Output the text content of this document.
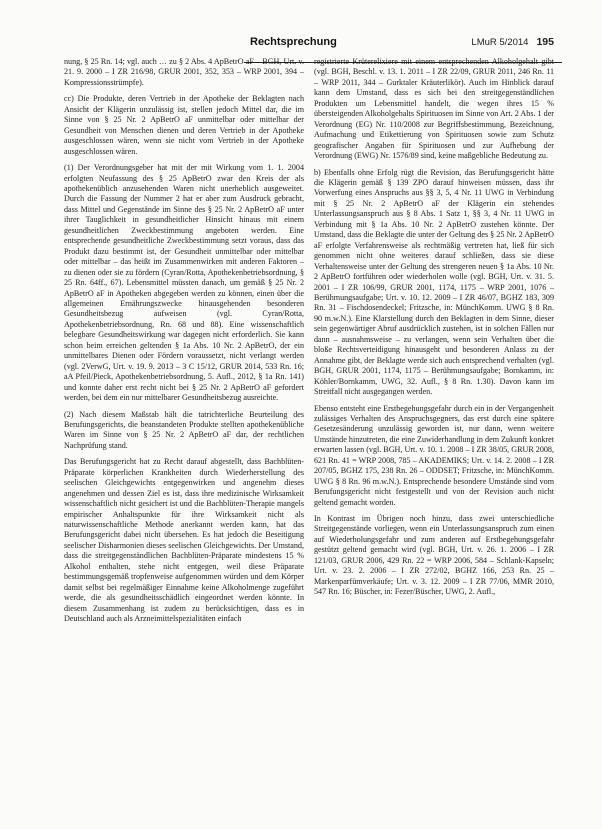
Rechtsprechung	LMuR 5/2014 195

nung, § 25 Rn. 14; vgl. auch … zu § 2 Abs. 4 ApBetrO aF – BGH, Urt. v. 21. 9. 2000 – I ZR 216/98, GRUR 2001, 352, 353 – WRP 2001, 394 – Kompressionsstrümpfe).

cc) Die Produkte, deren Vertrieb in der Apotheke der Beklagten nach Ansicht der Klägerin unzulässig ist, stellen jedoch Mittel dar, die im Sinne von § 25 Nr. 2 ApBetrO aF unmittelbar oder mittelbar der Gesundheit von Menschen dienen und deren Vertrieb in der Apotheke ausgeschlossen wären, wenn sie nicht vom Vertrieb in der Apotheke ausgeschlossen wären.

(1) Der Verordnungsgeber hat mit der mit Wirkung vom 1. 1. 2004 erfolgten Neufassung des § 25 ApBetrO zwar den Kreis der als apothekenüblich anzusehenden Waren nicht unerheblich ausgeweitet. Durch die Fassung der Nummer 2 hat er aber zum Ausdruck gebracht, dass Mittel und Gegenstände im Sinne des § 25 Nr. 2 ApBetrO aF unter ihrer Tauglichkeit in gesundheitlicher Hinsicht hinaus mit einem gesundheitlichen Zweckbestimmung angeboten werden. Eine entsprechende gesundheitliche Zweckbestimmung setzt voraus, dass das Produkt dazu bestimmt ist, der Gesundheit unmittelbar oder mittelbar oder mittelbar – das heißt im Zusammenwirken mit anderen Faktoren – zu dienen oder sie zu fördern (Cyran/Rotta, Apothekenbetriebsordnung, § 25 Rn. 64ff., 67). Lebensmittel müssten danach, um gemäß § 25 Nr. 2 ApBetrO aF in Apotheken abgegeben werden zu können, einen über die allgemeinen Ernährungszwecke hinausgehenden besonderen Gesundheitsbezug aufweisen (vgl. Cyran/Rotta, Apothekenbetriebsordnung, Rn. 68 und 88). Eine wissenschaftlich belegbare Gesundheitswirkung war dagegen nicht erforderlich. Sie kann schon beim erreichen geltenden § 1a Abs. 10 Nr. 2 ApBetrO, der ein unmittelbares Dienen oder Fördern voraussetzt, nicht verlangt werden (vgl. 2VerwG, Urt. v. 19. 9. 2013 – 3 C 15/12, GRUR 2014, 533 Rn. 16; aA Pfeil/Pieck, Apothekenbetriebsordnung, 5. Aufl., 2012, § 1a Rn. 141) und konnte daher erst recht nicht bei § 25 Nr. 2 ApBetrO aF gefordert werden, bei dem ein nur mittelbarer Gesundheitsbezug ausreichte.

(2) Nach diesem Maßstab hält die tatrichterliche Beurteilung des Berufungsgerichts, die beanstandeten Produkte stellten apothekenübliche Waren im Sinne von § 25 Nr. 2 ApBetrO aF dar, der rechtlichen Nachprüfung stand.

Das Berufungsgericht hat zu Recht darauf abgestellt, dass Bachblüten-Präparate körperlichen Krankheiten durch Wiederherstellung des seelischen Gleichgewichts entgegenwirken und angenehm dieses angenehmen und dessen Ziel es ist, dass ihre medizinische Wirksamkeit wissenschaftlich nicht gesichert ist und die Bachblüten-Therapie mangels empirischer Anhaltspunkte für ihre Wirksamkeit nicht als naturwissenschaftliche Methode anerkannt werden kann, hat das Berufungsgericht dabei nicht übersehen. Es hat jedoch die Beseitigung seelischer Disharmonien dieses seelischen Gleichgewichts. Der Umstand, dass die streitgegenständlichen Bachblüten-Präparate mindestens 15 % Alkohol enthalten, stehe nicht entgegen, weil diese Präparate bestimmungsgemäß tropfenweise aufgenommen würden und dem Körper damit selbst bei regelmäßiger Einnahme keine Alkoholmenge zugeführt werde, die als gesundheitsschädlich eingeordnet werden könnte. In diesem Zusammenhang ist zudem zu berücksichtigen, dass es in Deutschland auch als Arzneimittelspezialitäten einfach

registrierte Krüterelixiere mit einem entsprechenden Alkoholgehalt gibt (vgl. BGH, Beschl. v. 13. 1. 2011 – I ZR 22/09, GRUR 2011, 246 Rn. 11 – WRP 2011, 344 – Gurktaler Kräuterlikör). Auch im Hinblick darauf kann dem Umstand, dass es sich bei den streitgegenständlichen Produkten um Lebensmittel handelt, die wegen ihres 15 % übersteigenden Alkoholgehalts Spirituosen im Sinne von Art. 2 Abs. 1 der Verordnung (EG) Nr. 110/2008 zur Begriffsbestimmung, Bezeichnung, Aufmachung und Etikettierung von Spirituosen sowie zum Schutz geografischer Angaben für Spirituosen und zur Aufhebung der Verordnung (EWG) Nr. 1576/89 sind, keine maßgebliche Bedeutung zu.

b) Ebenfalls ohne Erfolg rügt die Revision, das Berufungsgericht hätte die Klägerin gemäß § 139 ZPO darauf hinweisen müssen, dass ihr Vorwerfung eines Anspruchs aus §§ 3, 5, 4 Nr. 11 UWG in Verbindung mit § 25 Nr. 2 ApBetrO aF der Klägerin ein stehendes Unterlassungsanspruch aus § 8 Abs. 1 Satz 1, §§ 3, 4 Nr. 11 UWG in Verbindung mit § 1a Abs. 10 Nr. 2 ApBetrO zustehen könnte. Der Umstand, dass die Beklagte die unter der Geltung des § 25 Nr. 2 ApBetrO aF erfolgte Verfahrensweise als rechtmäßig vertreten hat, ließ für sich genommen nicht ohne weiteres darauf schließen, dass sie diese Verhaltensweise unter der Geltung des strengeren neuen § 1a Abs. 10 Nr. 2 ApBetrO fortführen oder wiederholen wolle (vgl. BGH, Urt. v. 31. 5. 2001 – I ZR 106/99, GRUR 2001, 1174, 1175 – WRP 2001, 1076 – Berühmungsaufgabe; Urt. v. 10. 12. 2009 – I ZR 46/07, BGHZ 183, 309 Rn. 31 – Fischdosendeckel; Fritzsche, in: MünchKomm. UWG § 8 Rn. 90 m.w.N.). Eine Klarstellung durch den Beklagten in dem Sinne, dieser sein gegenwärtiger Abruf ausdrücklich zustehen, ist in solchen Fällen nur dann – ausnahmsweise – zu verlangen, wenn sein Verhalten über die bloße Rechtsverteidigung hinausgeht und besonderen Anlass zu der Annahme gibt, der Beklagte werde sich auch entsprechend verhalten (vgl. BGH, GRUR 2001, 1174, 1175 – Berühmungsaufgabe; Bornkamm, in: Köhler/Bornkamm, UWG, 32. Aufl., § 8 Rn. 1.30). Davon kann im Streitfall nicht ausgegangen werden.

Ebenso entsteht eine Erstbegehungsgefahr durch ein in der Vergangenheit zulässiges Verhalten des Anspruchsgegners, das erst durch eine spätere Gesetzesänderung unzulässig geworden ist, nur dann, wenn weitere Umstände hinzutreten, die eine Zuwiderhandlung in dem Zukunft konkret erwarten lassen (vgl. BGH, Urt. v. 10. 1. 2008 – I ZR 38/05, GRUR 2008, 621 Rn. 41 = WRP 2008, 785 – AKADEMIKS; Urt. v. 14. 2. 2008 – I ZR 207/05, BGHZ 175, 238 Rn. 26 – ODDSET; Fritzsche, in: MünchKomm. UWG § 8 Rn. 96 m.w.N.). Entsprechende besondere Umstände sind vom Berufungsgericht nicht festgestellt und von der Revision auch nicht geltend gemacht worden.

In Kontrast im Übrigen noch hinzu, dass zwei unterschiedliche Streitgegenstände vorliegen, wenn ein Unterlassungsanspruch zum einen auf Wiederholungsgefahr und zum anderen auf Erstbegehungsgefahr gestützt geltend gemacht wird (vgl. BGH, Urt. v. 26. 1. 2006 – I ZR 121/03, GRUR 2006, 429 Rn. 22 = WRP 2006, 584 – Schlank-Kapseln; Urt. v. 23. 2. 2006 – I ZR 272/02, BGHZ 166, 253 Rn. 25 – Markenparfümverkäufe; Urt. v. 3. 12. 2009 – I ZR 77/06, MMR 2010, 547 Rn. 16; Büscher, in: Fezer/Büscher, UWG, 2. Aufl.,
